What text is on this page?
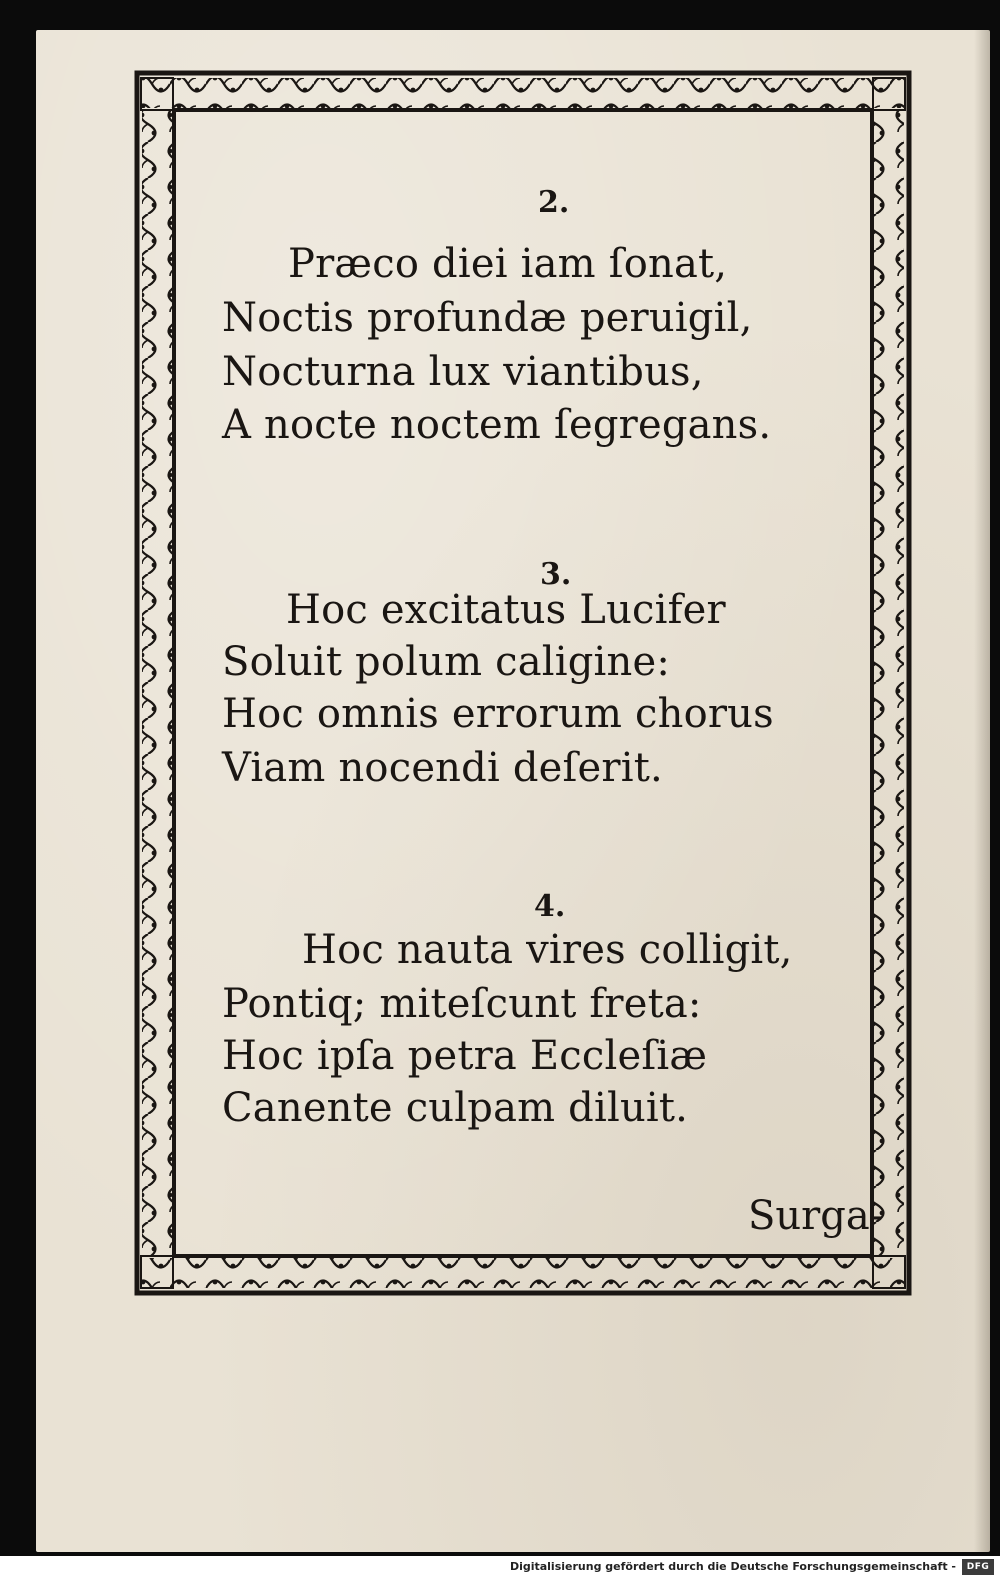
2.
Præco diei iam ſonat,
Noctis profundæ peruigil,
Nocturna lux viantibus,
A nocte noctem ſegregans.
3.
Hoc excitatus Lucifer
Soluit polum caligine:
Hoc omnis errorum chorus
Viam nocendi deſerit.
4.
Hoc nauta vires colligit,
Pontiq; miteſcunt freta:
Hoc ipſa petra Eccleſiæ
Canente culpam diluit.
Surga-
Digitalisierung gefördert durch die Deutsche Forschungsgemeinschaft -	DFG
